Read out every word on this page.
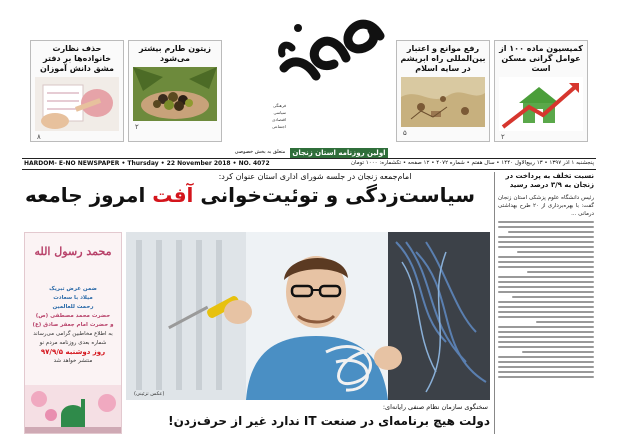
حذف نظارت خانواده‌ها بر دفتر مشق دانش آموزان
۸
زیتون طارم بیشتر می‌شود
۲
فرهنگی
سیاسی
اقتصادی
اجتماعی
اولین روزنامه استان زنجان
متعلق به بخش خصوصی
رفع موانع و اعتبار بین‌المللی راه ابریشم در سایه اسلام
۵
کمیسیون ماده ۱۰۰ از عوامل گرانی مسکن است
۲
HARDOM- E-NO NEWSPAPER • Thursday • 22 November 2018 • NO. 4072	پنجشنبه ۱ آذر ۱۳۹۷ • ۱۳ ربیع‌الاول ۱۴۴۰ • سال هفتم • شماره ۴۰۷۲ • ۱۲ صفحه • تکشماره: ۱۰۰۰ تومان
امام‌جمعه زنجان در جلسه شورای اداری استان عنوان کرد:
سیاست‌زدگی و توئیت‌خوانی آفت امروز جامعه
نسبت تخلف به پرداخت در زنجان به ۳/۹ درصد رسید
رئیس دانشگاه علوم پزشکی استان زنجان گفت: با بهره‌برداری از ۲۰ طرح بهداشتی درمانی ...
محمد رسول الله
ضمن عرض تبریک
میلاد با سعادت
رحمت للعالمین
حضرت محمد مصطفی (ص)
و حضرت امام جعفر صادق (ع)
به اطلاع مخاطبین گرامی می‌رساند
شماره بعدی روزنامه مردم نو
روز دوشنبه ۹۷/۹/۵
منتشر خواهد شد
(عکس تزئینی)
سخنگوی سازمان نظام صنفی رایانه‌ای:
دولت هیچ برنامه‌ای در صنعت IT ندارد غیر از حرف‌زدن!
